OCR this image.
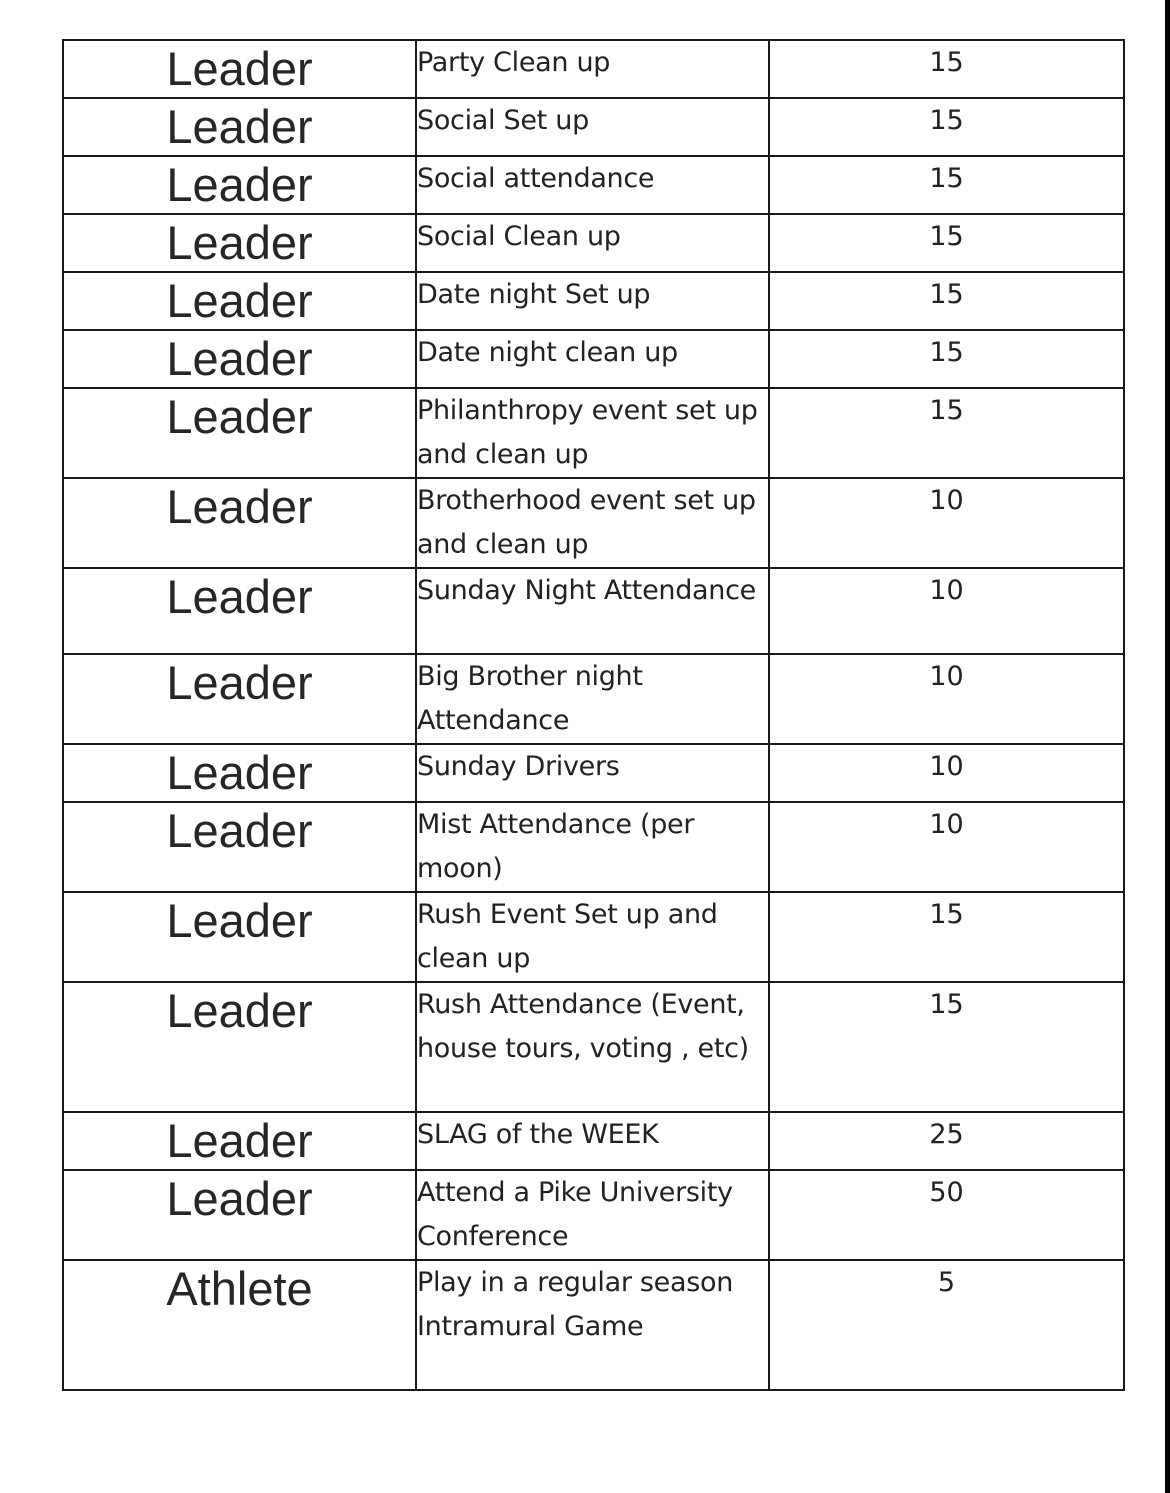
Leader	Party Clean up	15
Leader	Social Set up	15
Leader	Social attendance	15
Leader	Social Clean up	15
Leader	Date night Set up	15
Leader	Date night clean up	15
Leader	Philanthropy event set up and clean up	15
Leader	Brotherhood event set up and clean up	10
Leader	Sunday Night Attendance	10
Leader	Big Brother night Attendance	10
Leader	Sunday Drivers	10
Leader	Mist Attendance (per moon)	10
Leader	Rush Event Set up and clean up	15
Leader	Rush Attendance (Event, house tours, voting , etc)	15
Leader	SLAG of the WEEK	25
Leader	Attend a Pike University Conference	50
Athlete	Play in a regular season Intramural Game	5
